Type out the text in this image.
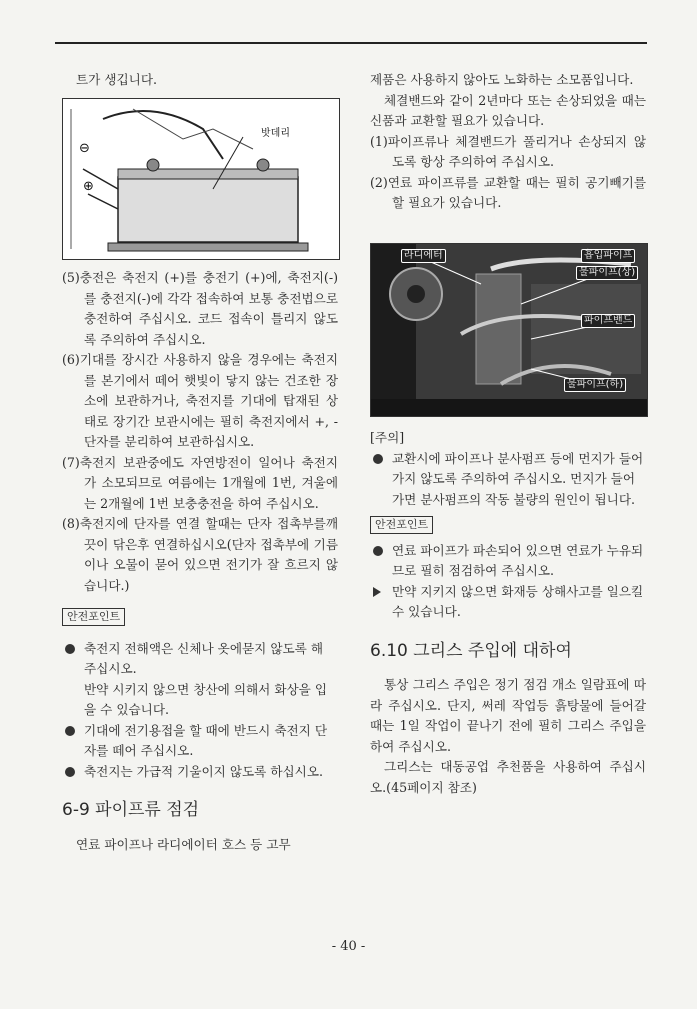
트가 생깁니다.

밧데리
⊖
⊕

(5)충전은 축전지 (+)를 충전기 (+)에, 축전지(-)를 충전지(-)에 각각 접속하여 보통 충전법으로 충전하여 주십시오. 코드 접속이 틀리지 않도록 주의하여 주십시오.

(6)기대를 장시간 사용하지 않을 경우에는 축전지를 본기에서 떼어 햇빛이 닿지 않는 건조한 장소에 보관하거나, 축전지를 기대에 탑재된 상태로 장기간 보관시에는 필히 축전지에서 +, -단자를 분리하여 보관하십시오.

(7)축전지 보관중에도 자연방전이 일어나 축전지가 소모되므로 여름에는 1개월에 1번, 겨울에는 2개월에 1번 보충충전을 하여 주십시오.

(8)축전지에 단자를 연결 할때는 단자 접촉부를깨끗이 닦은후 연결하십시오(단자 접촉부에 기름이나 오물이 묻어 있으면 전기가 잘 흐르지 않습니다.)

안전포인트
축전지 전해액은 신체나 옷에묻지 않도록 해 주십시오.
반약 시키지 않으면 창산에 의해서 화상을 입을 수 있습니다.
기대에 전기용접을 할 때에 반드시 축전지 단자를 떼어 주십시오.
축전지는 가급적 기울이지 않도록 하십시오.
6-9 파이프류 점검

연료 파이프나 라디에이터 호스 등 고무

제품은 사용하지 않아도 노화하는 소모품입니다.

체결밴드와 같이 2년마다 또는 손상되었을 때는 신품과 교환할 필요가 있습니다.

(1)파이프류나 체결밴드가 풀리거나 손상되지 않도록 항상 주의하여 주십시오.

(2)연료 파이프류를 교환할 때는 필히 공기빼기를 할 필요가 있습니다.

라디에터	흡입파이프
물파이프(상)
파이프밴드
물파이프(하)
[주의]
교환시에 파이프나 분사펌프 등에 먼지가 들어가지 않도록 주의하여 주십시오. 먼지가 들어가면 분사펌프의 작동 불량의 원인이 됩니다.
안전포인트
연료 파이프가 파손되어 있으면 연료가 누유되므로 필히 점검하여 주십시오.
만약 지키지 않으면 화재등 상해사고를 일으킬 수 있습니다.
6.10 그리스 주입에 대하여

통상 그리스 주입은 정기 점검 개소 일람표에 따라 주십시오. 단지, 써레 작업등 흙탕물에 들어갈 때는 1일 작업이 끝나기 전에 필히 그리스 주입을 하여 주십시오.

그리스는 대동공업 추천품을 사용하여 주십시오.(45페이지 참조)

- 40 -
